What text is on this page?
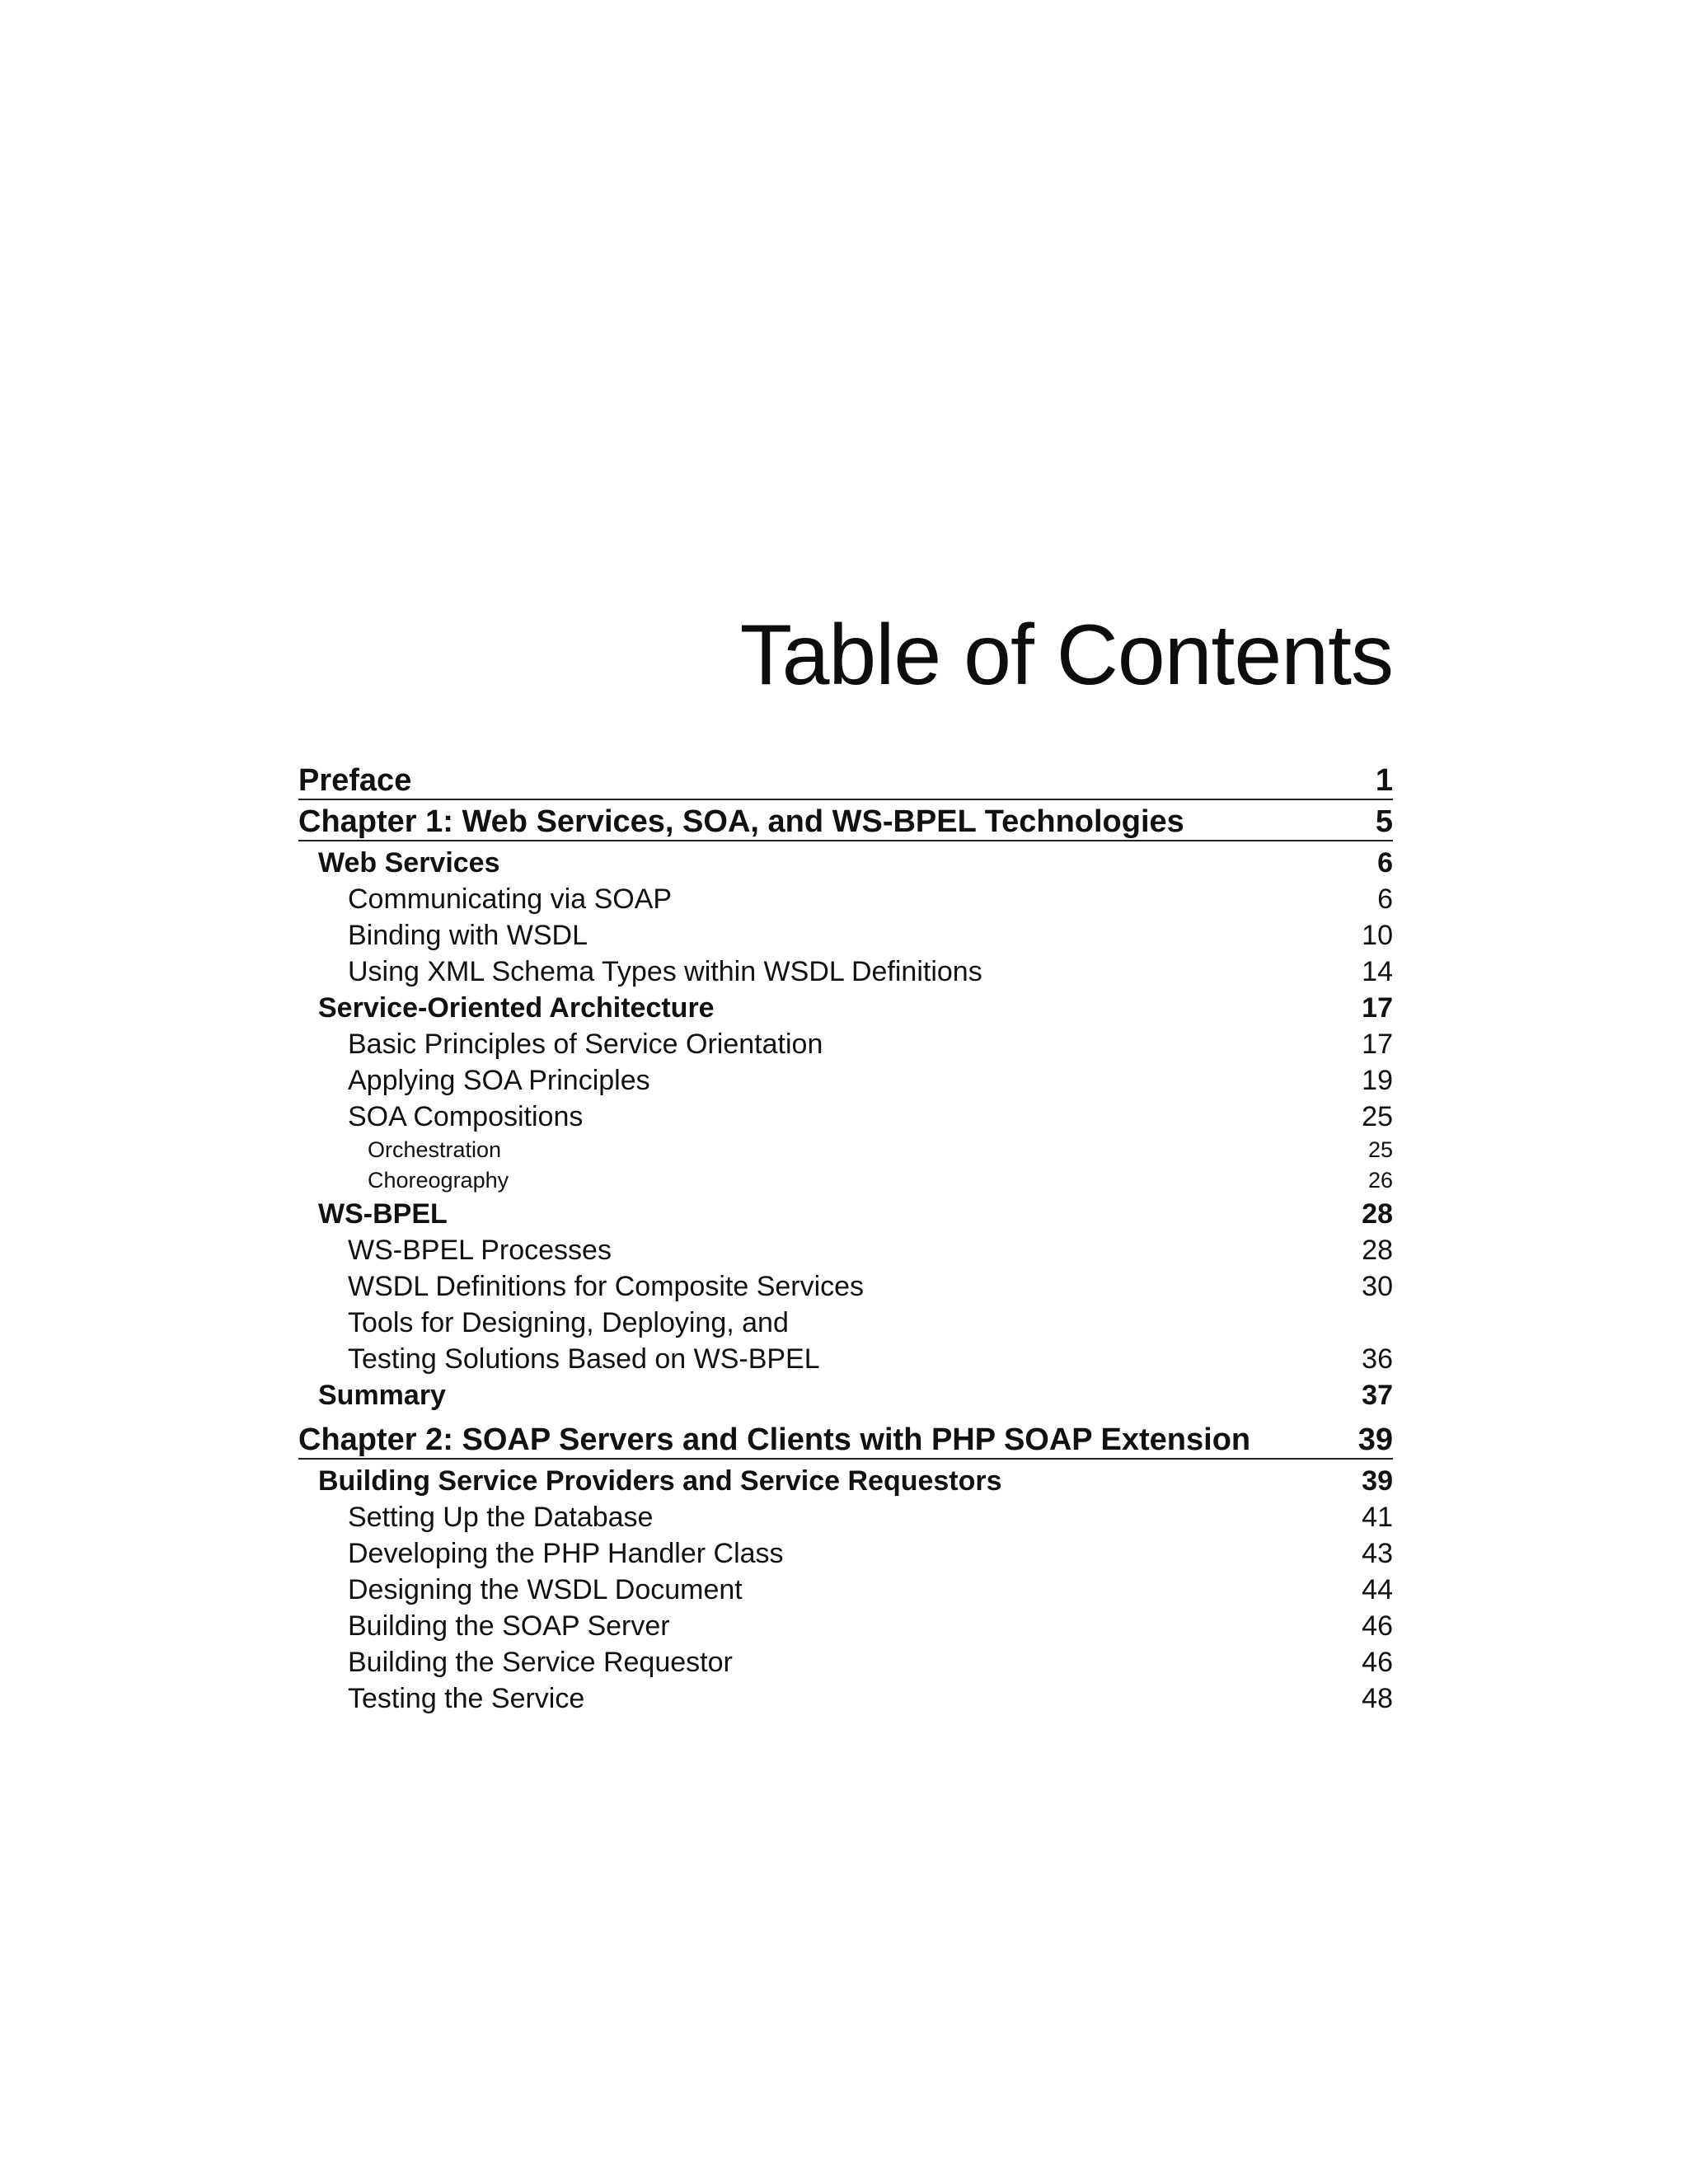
Table of Contents
Preface	1
Chapter 1: Web Services, SOA, and WS-BPEL Technologies	5
Web Services	6
Communicating via SOAP	6
Binding with WSDL	10
Using XML Schema Types within WSDL Definitions	14
Service-Oriented Architecture	17
Basic Principles of Service Orientation	17
Applying SOA Principles	19
SOA Compositions	25
Orchestration	25
Choreography	26
WS-BPEL	28
WS-BPEL Processes	28
WSDL Definitions for Composite Services	30
Tools for Designing, Deploying, and
Testing Solutions Based on WS-BPEL	36
Summary	37
Chapter 2: SOAP Servers and Clients with PHP SOAP Extension	39
Building Service Providers and Service Requestors	39
Setting Up the Database	41
Developing the PHP Handler Class	43
Designing the WSDL Document	44
Building the SOAP Server	46
Building the Service Requestor	46
Testing the Service	48
